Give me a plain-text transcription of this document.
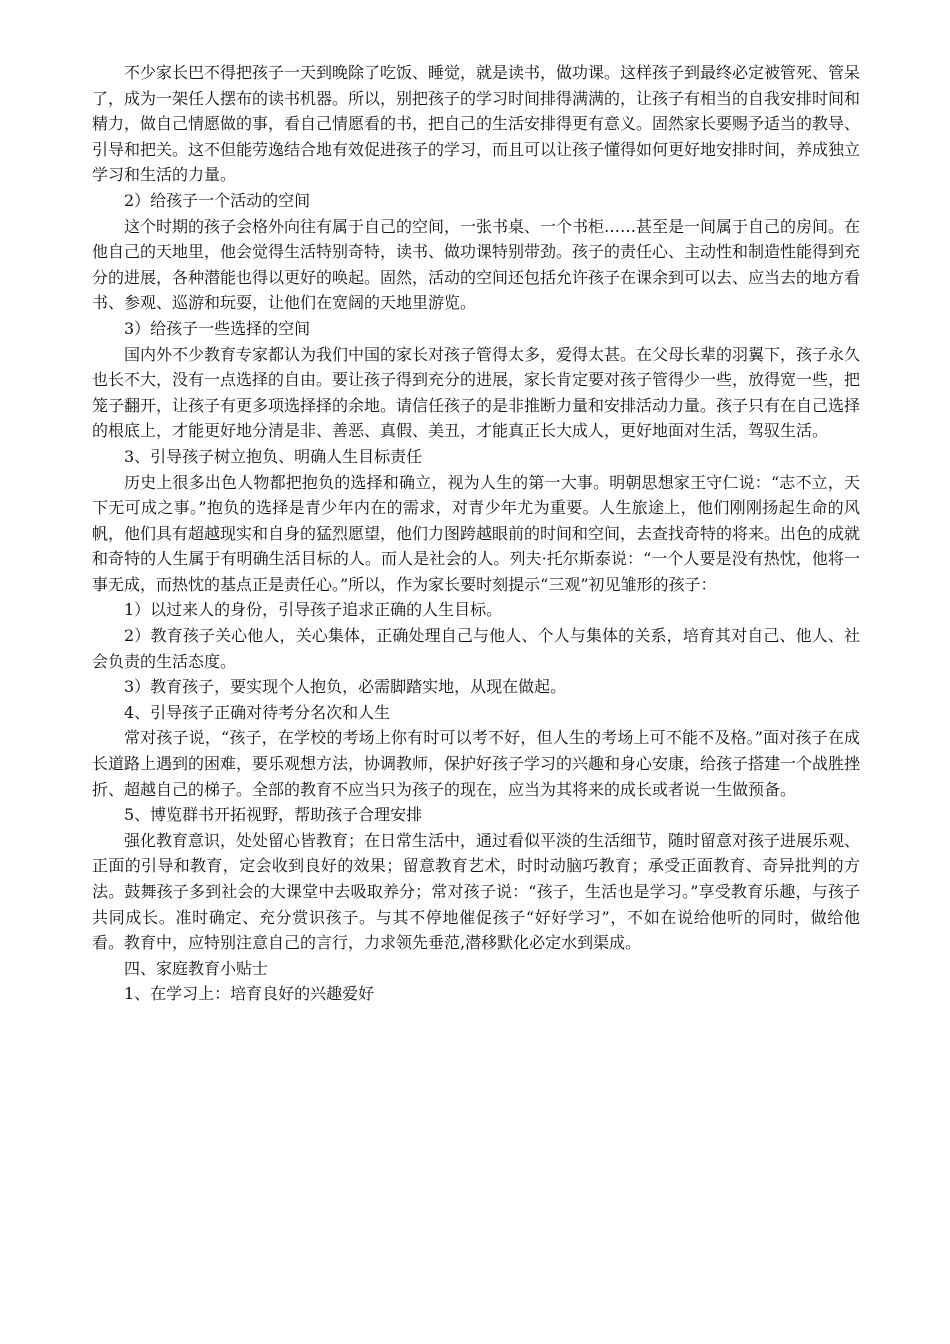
不少家长巴不得把孩子一天到晚除了吃饭、睡觉，就是读书，做功课。这样孩子到最终必定被管死、管呆了，成为一架任人摆布的读书机器。所以，别把孩子的学习时间排得满满的，让孩子有相当的自我安排时间和精力，做自己情愿做的事，看自己情愿看的书，把自己的生活安排得更有意义。固然家长要赐予适当的教导、引导和把关。这不但能劳逸结合地有效促进孩子的学习，而且可以让孩子懂得如何更好地安排时间，养成独立学习和生活的力量。

2）给孩子一个活动的空间

这个时期的孩子会格外向往有属于自己的空间，一张书桌、一个书柜……甚至是一间属于自己的房间。在他自己的天地里，他会觉得生活特别奇特，读书、做功课特别带劲。孩子的责任心、主动性和制造性能得到充分的进展，各种潜能也得以更好的唤起。固然，活动的空间还包括允许孩子在课余到可以去、应当去的地方看书、参观、巡游和玩耍，让他们在宽阔的天地里游览。

3）给孩子一些选择的空间

国内外不少教育专家都认为我们中国的家长对孩子管得太多，爱得太甚。在父母长辈的羽翼下，孩子永久也长不大，没有一点选择的自由。要让孩子得到充分的进展，家长肯定要对孩子管得少一些，放得宽一些，把笼子翻开，让孩子有更多项选择择的余地。请信任孩子的是非推断力量和安排活动力量。孩子只有在自己选择的根底上，才能更好地分清是非、善恶、真假、美丑，才能真正长大成人，更好地面对生活，驾驭生活。

3、引导孩子树立抱负、明确人生目标责任

历史上很多出色人物都把抱负的选择和确立，视为人生的第一大事。明朝思想家王守仁说：“志不立，天下无可成之事。”抱负的选择是青少年内在的需求，对青少年尤为重要。人生旅途上，他们刚刚扬起生命的风帆，他们具有超越现实和自身的猛烈愿望，他们力图跨越眼前的时间和空间，去查找奇特的将来。出色的成就和奇特的人生属于有明确生活目标的人。而人是社会的人。列夫·托尔斯泰说：“一个人要是没有热忱，他将一事无成，而热忱的基点正是责任心。”所以，作为家长要时刻提示“三观”初见雏形的孩子：

1）以过来人的身份，引导孩子追求正确的人生目标。

2）教育孩子关心他人，关心集体，正确处理自己与他人、个人与集体的关系，培育其对自己、他人、社会负责的生活态度。

3）教育孩子，要实现个人抱负，必需脚踏实地，从现在做起。

4、引导孩子正确对待考分名次和人生

常对孩子说，“孩子，在学校的考场上你有时可以考不好，但人生的考场上可不能不及格。”面对孩子在成长道路上遇到的困难，要乐观想方法，协调教师，保护好孩子学习的兴趣和身心安康，给孩子搭建一个战胜挫折、超越自己的梯子。全部的教育不应当只为孩子的现在，应当为其将来的成长或者说一生做预备。

5、博览群书开拓视野，帮助孩子合理安排

强化教育意识，处处留心皆教育；在日常生活中，通过看似平淡的生活细节，随时留意对孩子进展乐观、正面的引导和教育，定会收到良好的效果；留意教育艺术，时时动脑巧教育；承受正面教育、奇异批判的方法。鼓舞孩子多到社会的大课堂中去吸取养分；常对孩子说：“孩子，生活也是学习。”享受教育乐趣，与孩子共同成长。准时确定、充分赏识孩子。与其不停地催促孩子“好好学习”，不如在说给他听的同时，做给他看。教育中，应特别注意自己的言行，力求领先垂范,潜移默化必定水到渠成。

四、家庭教育小贴士

1、在学习上：培育良好的兴趣爱好
